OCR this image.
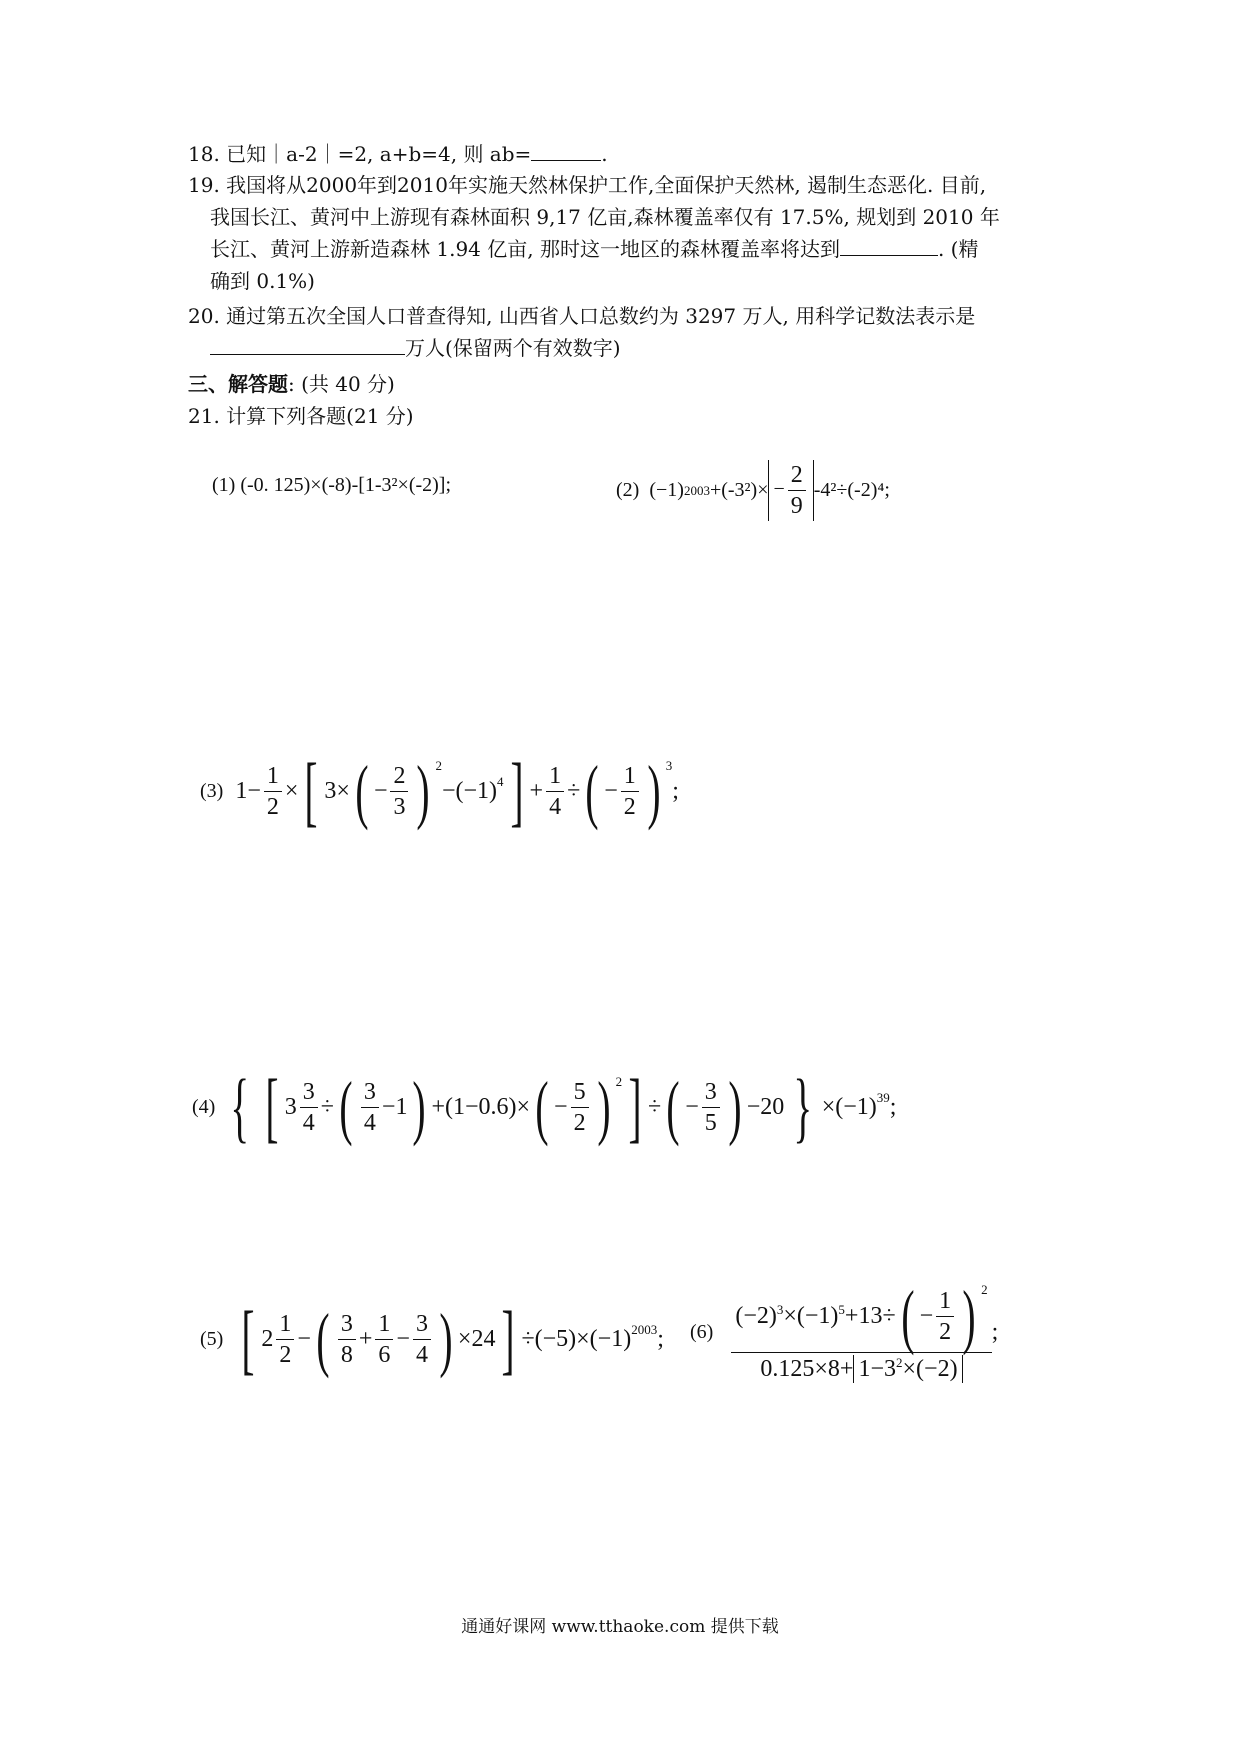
18. 已知｜a-2｜=2, a+b=4, 则 ab=	.
19. 我国将从2000年到2010年实施天然林保护工作,全面保护天然林, 遏制生态恶化. 目前,
我国长江、黄河中上游现有森林面积 9,17 亿亩,森林覆盖率仅有 17.5%, 规划到 2010 年
长江、黄河上游新造森林 1.94 亿亩, 那时这一地区的森林覆盖率将达到	. (精
确到 0.1%)
20. 通过第五次全国人口普查得知, 山西省人口总数约为 3297 万人, 用科学记数法表示是
万人(保留两个有效数字)
三、解答题: (共 40 分)
21. 计算下列各题(21 分)
(1)
(-0. 125)×(-8)-[1-3²×(-2)];	(2)
(−1) $2003 +(-3^2)\times - \frac{2}{9} -4^2\div(-2)^4$;
(3)
$1- \frac{1}{2}$ × [ 3× ( − $\frac{2}{3}$ ) $^2$
$-(-1)^4$ ] + $\frac{1}{4}$ ÷ ( − $\frac{1}{2}$ ) $^3$
;
(4)
{ [ $3 \frac{3}{4}$ ÷ ( $\frac{3}{4} -1$ ) +(1−0.6)× ( − $\frac{5}{2}$ ) $^2$ ] ÷ ( − $\frac{3}{5}$ ) −20 } $\times(-1)^{39}$ ;
(5)
[ $2 \frac{1}{2}$ − ( $\frac{3}{8} + \frac{1}{6} - \frac{3}{4}$ ) ×24 ] $\div(-5)\times(-1)^{2003}$ ; (6)
$\frac{(-2)^3 \times(-1)^5 +13\div ( - \frac{1}{2} ) ^2}{0.125\times 8+ 1-3^2\times(-2)}$ ;
通通好课网 www.tthaoke.com 提供下载
